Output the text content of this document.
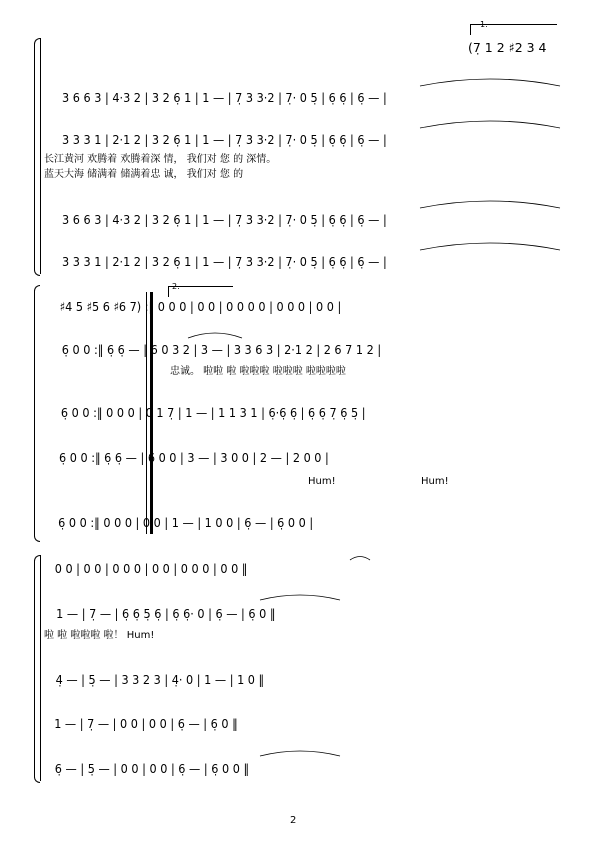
1.
(7̣ 1 2 ♯2 3 4
3 6 6 3 | 4·3 2 | 3 2 6̣ 1 | 1 — | 7̣ 3 3·2 | 7̣· 0 5̣ | 6̣ 6̣ | 6̣ — |
3 3 3 1 | 2·1 2 | 3 2 6̣ 1 | 1 — | 7̣ 3 3·2 | 7̣· 0 5̣ | 6̣ 6̣ | 6̣ — |
长江黄河 欢腾着 欢腾着深 情， 我们对 您 的 深情。
蓝天大海 储满着 储满着忠 诚， 我们对 您 的
3 6 6 3 | 4·3 2 | 3 2 6̣ 1 | 1 — | 7̣ 3 3·2 | 7̣· 0 5̣ | 6̣ 6̣ | 6̣ — |
3 3 3 1 | 2·1 2 | 3 2 6̣ 1 | 1 — | 7̣ 3 3·2 | 7̣· 0 5̣ | 6̣ 6̣ | 6̣ — |
2.
♯4 5 ♯5 6 ♯6 7) :‖ 0 0 0 | 0 0 | 0 0 0 0 | 0 0 0 | 0 0 |
6̣ 0 0 :‖ 6̣ 6̣ — | 6 0 3 2 | 3 — | 3 3 6 3 | 2·1 2 | 2 6 7 1 2 |
忠诚。 啦啦 啦 啦啦啦 啦啦啦 啦啦啦啦
6̣ 0 0 :‖ 0 0 0 | 0 1 7̣ | 1 — | 1 1 3 1 | 6̣·6̣ 6̣ | 6̣ 6̣ 7̣ 6̣ 5̣ |
6̣ 0 0 :‖ 6̣ 6̣ — | 6̣ 0 0 | 3 — | 3 0 0 | 2 — | 2 0 0 |
Hum!	Hum!
6̣ 0 0 :‖ 0 0 0 | 0 0 | 1 — | 1 0 0 | 6̣ — | 6̣ 0 0 |
0 0 | 0 0 | 0 0 0 | 0 0 | 0 0 0 | 0 0 ‖
1 — | 7̣ — | 6̣ 6̣ 5̣ 6̣ | 6̣ 6̣· 0 | 6̣ — | 6̣ 0 ‖
啦 啦 啦啦啦 啦！ Hum!
4̣ — | 5̣ — | 3 3 2 3 | 4̣· 0 | 1 — | 1 0 ‖
1 — | 7̣ — | 0 0 | 0 0 | 6̣ — | 6̣ 0 ‖
6̣ — | 5̣ — | 0 0 | 0 0 | 6̣ — | 6̣ 0 0 ‖
2
